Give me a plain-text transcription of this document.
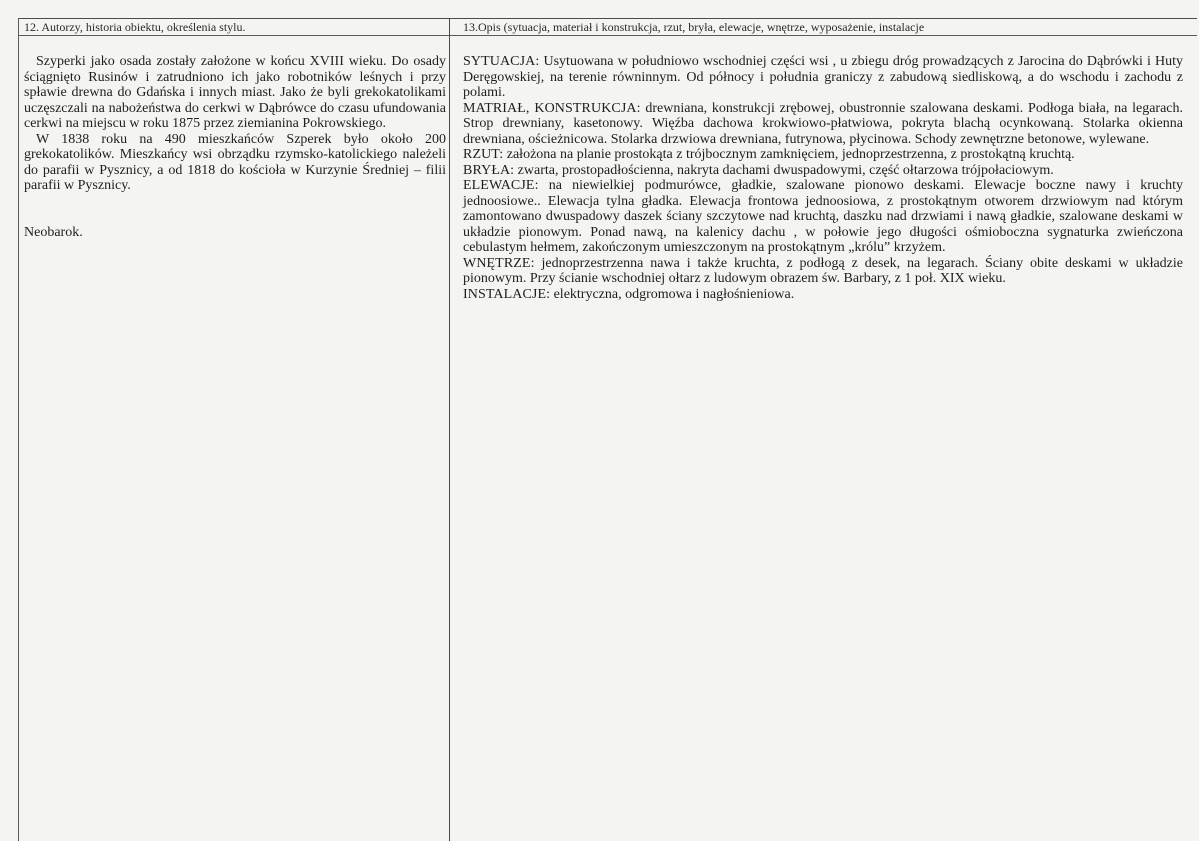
12. Autorzy, historia obiektu, określenia stylu.	13.Opis (sytuacja, materiał i konstrukcja, rzut, bryła, elewacje, wnętrze, wyposażenie, instalacje

Szyperki jako osada zostały założone w końcu XVIII wieku. Do osady ściągnięto Rusinów i zatrudniono ich jako robotników leśnych i przy spławie drewna do Gdańska i innych miast. Jako że byli grekokatolikami uczęszczali na nabożeństwa do cerkwi w Dąbrówce do czasu ufundowania cerkwi na miejscu w roku 1875 przez ziemianina Pokrowskiego.

W 1838 roku na 490 mieszkańców Szperek było około 200 grekokatolików. Mieszkańcy wsi obrządku rzymsko-katolickiego należeli do parafii w Pysznicy, a od 1818 do kościoła w Kurzynie Średniej – filii parafii w Pysznicy.

Neobarok.

SYTUACJA: Usytuowana w południowo wschodniej części wsi , u zbiegu dróg prowadzących z Jarocina do Dąbrówki i Huty Deręgowskiej, na terenie równinnym. Od północy i południa graniczy z zabudową siedliskową, a do wschodu i zachodu z polami.

MATRIAŁ, KONSTRUKCJA: drewniana, konstrukcji zrębowej, obustronnie szalowana deskami. Podłoga biała, na legarach. Strop drewniany, kasetonowy. Więźba dachowa krokwiowo-płatwiowa, pokryta blachą ocynkowaną. Stolarka okienna drewniana, ościeżnicowa. Stolarka drzwiowa drewniana, futrynowa, płycinowa. Schody zewnętrzne betonowe, wylewane.

RZUT: założona na planie prostokąta z trójbocznym zamknięciem, jednoprzestrzenna, z prostokątną kruchtą.

BRYŁA: zwarta, prostopadłościenna, nakryta dachami dwuspadowymi, część ołtarzowa trójpołaciowym.

ELEWACJE: na niewielkiej podmurówce, gładkie, szalowane pionowo deskami. Elewacje boczne nawy i kruchty jednoosiowe.. Elewacja tylna gładka. Elewacja frontowa jednoosiowa, z prostokątnym otworem drzwiowym nad którym zamontowano dwuspadowy daszek ściany szczytowe nad kruchtą, daszku nad drzwiami i nawą gładkie, szalowane deskami w układzie pionowym. Ponad nawą, na kalenicy dachu , w połowie jego długości ośmioboczna sygnaturka zwieńczona cebulastym hełmem, zakończonym umieszczonym na prostokątnym „królu” krzyżem.

WNĘTRZE: jednoprzestrzenna nawa i także kruchta, z podłogą z desek, na legarach. Ściany obite deskami w układzie pionowym. Przy ścianie wschodniej ołtarz z ludowym obrazem św. Barbary, z 1 poł. XIX wieku.

INSTALACJE: elektryczna, odgromowa i nagłośnieniowa.
